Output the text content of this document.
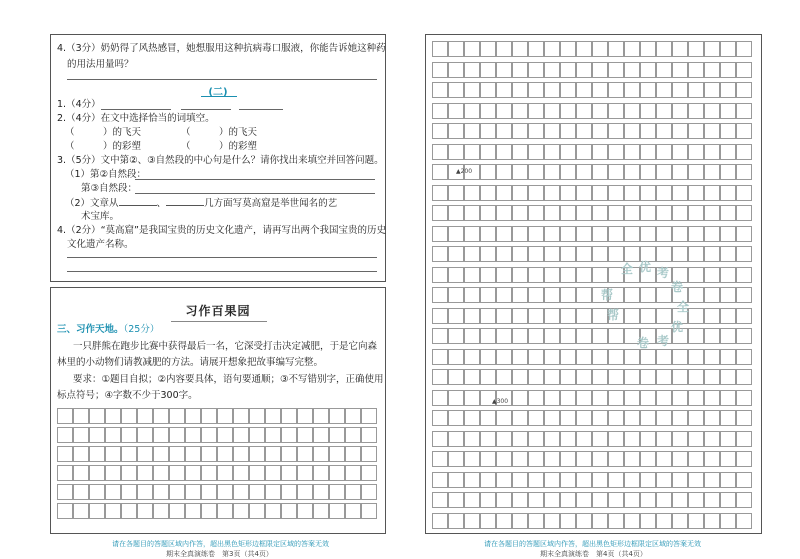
4.（3分）奶奶得了风热感冒，她想服用这种抗病毒口服液，你能告诉她这种药
的用法用量吗？
(二)
1.（4分）
2.（4分）在文中选择恰当的词填空。
（　　　）的飞天	（　　　）的飞天
（　　　）的彩塑	（　　　）的彩塑
3.（5分）文中第②、③自然段的中心句是什么？请你找出来填空并回答问题。
（1）第②自然段：
第③自然段：
（2）文章从	、	几方面写莫高窟是举世闻名的艺
术宝库。
4.（2分）“莫高窟”是我国宝贵的历史文化遗产，请再写出两个我国宝贵的历史
文化遗产名称。
习作百果园
三、习作天地。（25分）
一只胖熊在跑步比赛中获得最后一名，它深受打击决定减肥，于是它向森
林里的小动物们请教减肥的方法。请展开想象把故事编写完整。
要求：①题目自拟；②内容要具体，语句要通顺；③不写错别字，正确使用
标点符号；④字数不少于300字。
▲200
▲300
全 优 考
卷
全
优
考
卷
帮
帮
请在各题目的答题区域内作答，超出黑色矩形边框限定区域的答案无效
期末全真演练卷　第3页（共4页）
请在各题目的答题区域内作答，超出黑色矩形边框限定区域的答案无效
期末全真演练卷　第4页（共4页）
